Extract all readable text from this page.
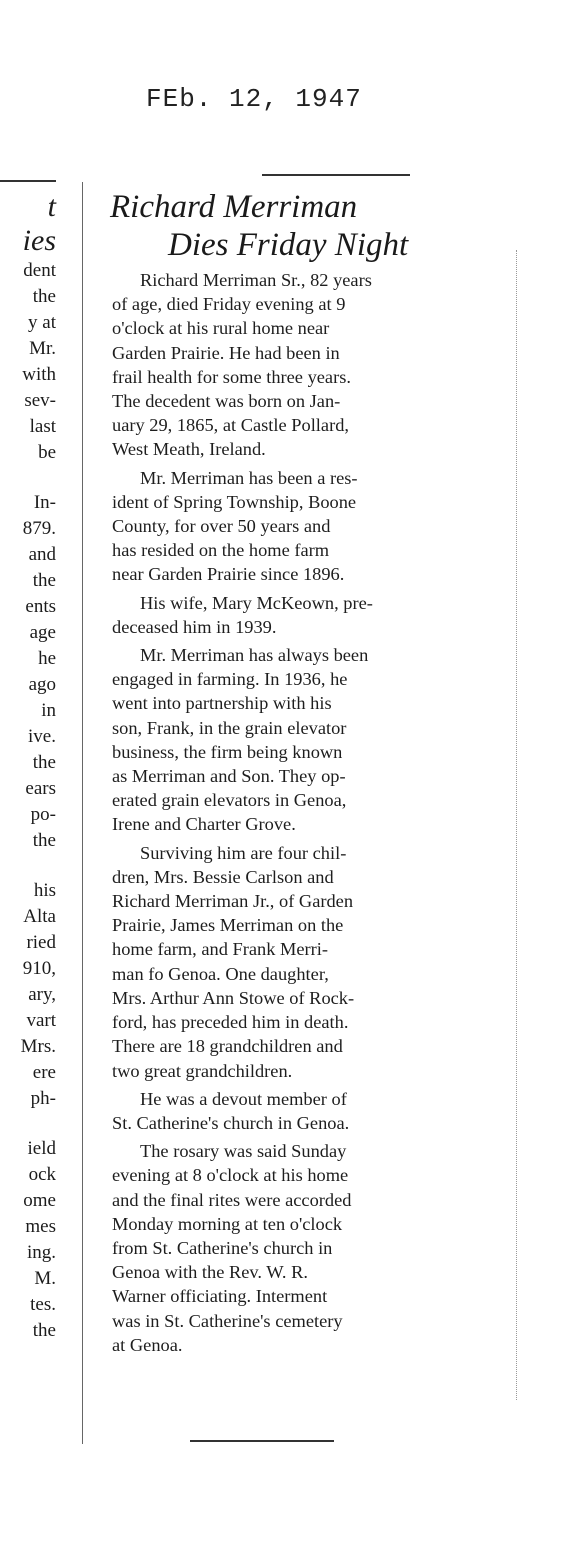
FEb. 12, 1947
t
ies
dent
the
y at
Mr.
with
sev-
last
be
In-
879.
and
the
ents
age
he
ago
in
ive.
the
ears
po-
the
his
Alta
ried
910,
ary,
vart
Mrs.
ere
ph-
ield
ock
ome
mes
ing.
M.
tes.
the
Richard Merriman
Dies Friday Night
Richard Merriman Sr., 82 years
of age, died Friday evening at 9
o'clock at his rural home near
Garden Prairie. He had been in
frail health for some three years.
The decedent was born on Jan-
uary 29, 1865, at Castle Pollard,
West Meath, Ireland.
Mr. Merriman has been a res-
ident of Spring Township, Boone
County, for over 50 years and
has resided on the home farm
near Garden Prairie since 1896.
His wife, Mary McKeown, pre-
deceased him in 1939.
Mr. Merriman has always been
engaged in farming. In 1936, he
went into partnership with his
son, Frank, in the grain elevator
business, the firm being known
as Merriman and Son. They op-
erated grain elevators in Genoa,
Irene and Charter Grove.
Surviving him are four chil-
dren, Mrs. Bessie Carlson and
Richard Merriman Jr., of Garden
Prairie, James Merriman on the
home farm, and Frank Merri-
man fo Genoa. One daughter,
Mrs. Arthur Ann Stowe of Rock-
ford, has preceded him in death.
There are 18 grandchildren and
two great grandchildren.
He was a devout member of
St. Catherine's church in Genoa.
The rosary was said Sunday
evening at 8 o'clock at his home
and the final rites were accorded
Monday morning at ten o'clock
from St. Catherine's church in
Genoa with the Rev. W. R.
Warner officiating. Interment
was in St. Catherine's cemetery
at Genoa.
